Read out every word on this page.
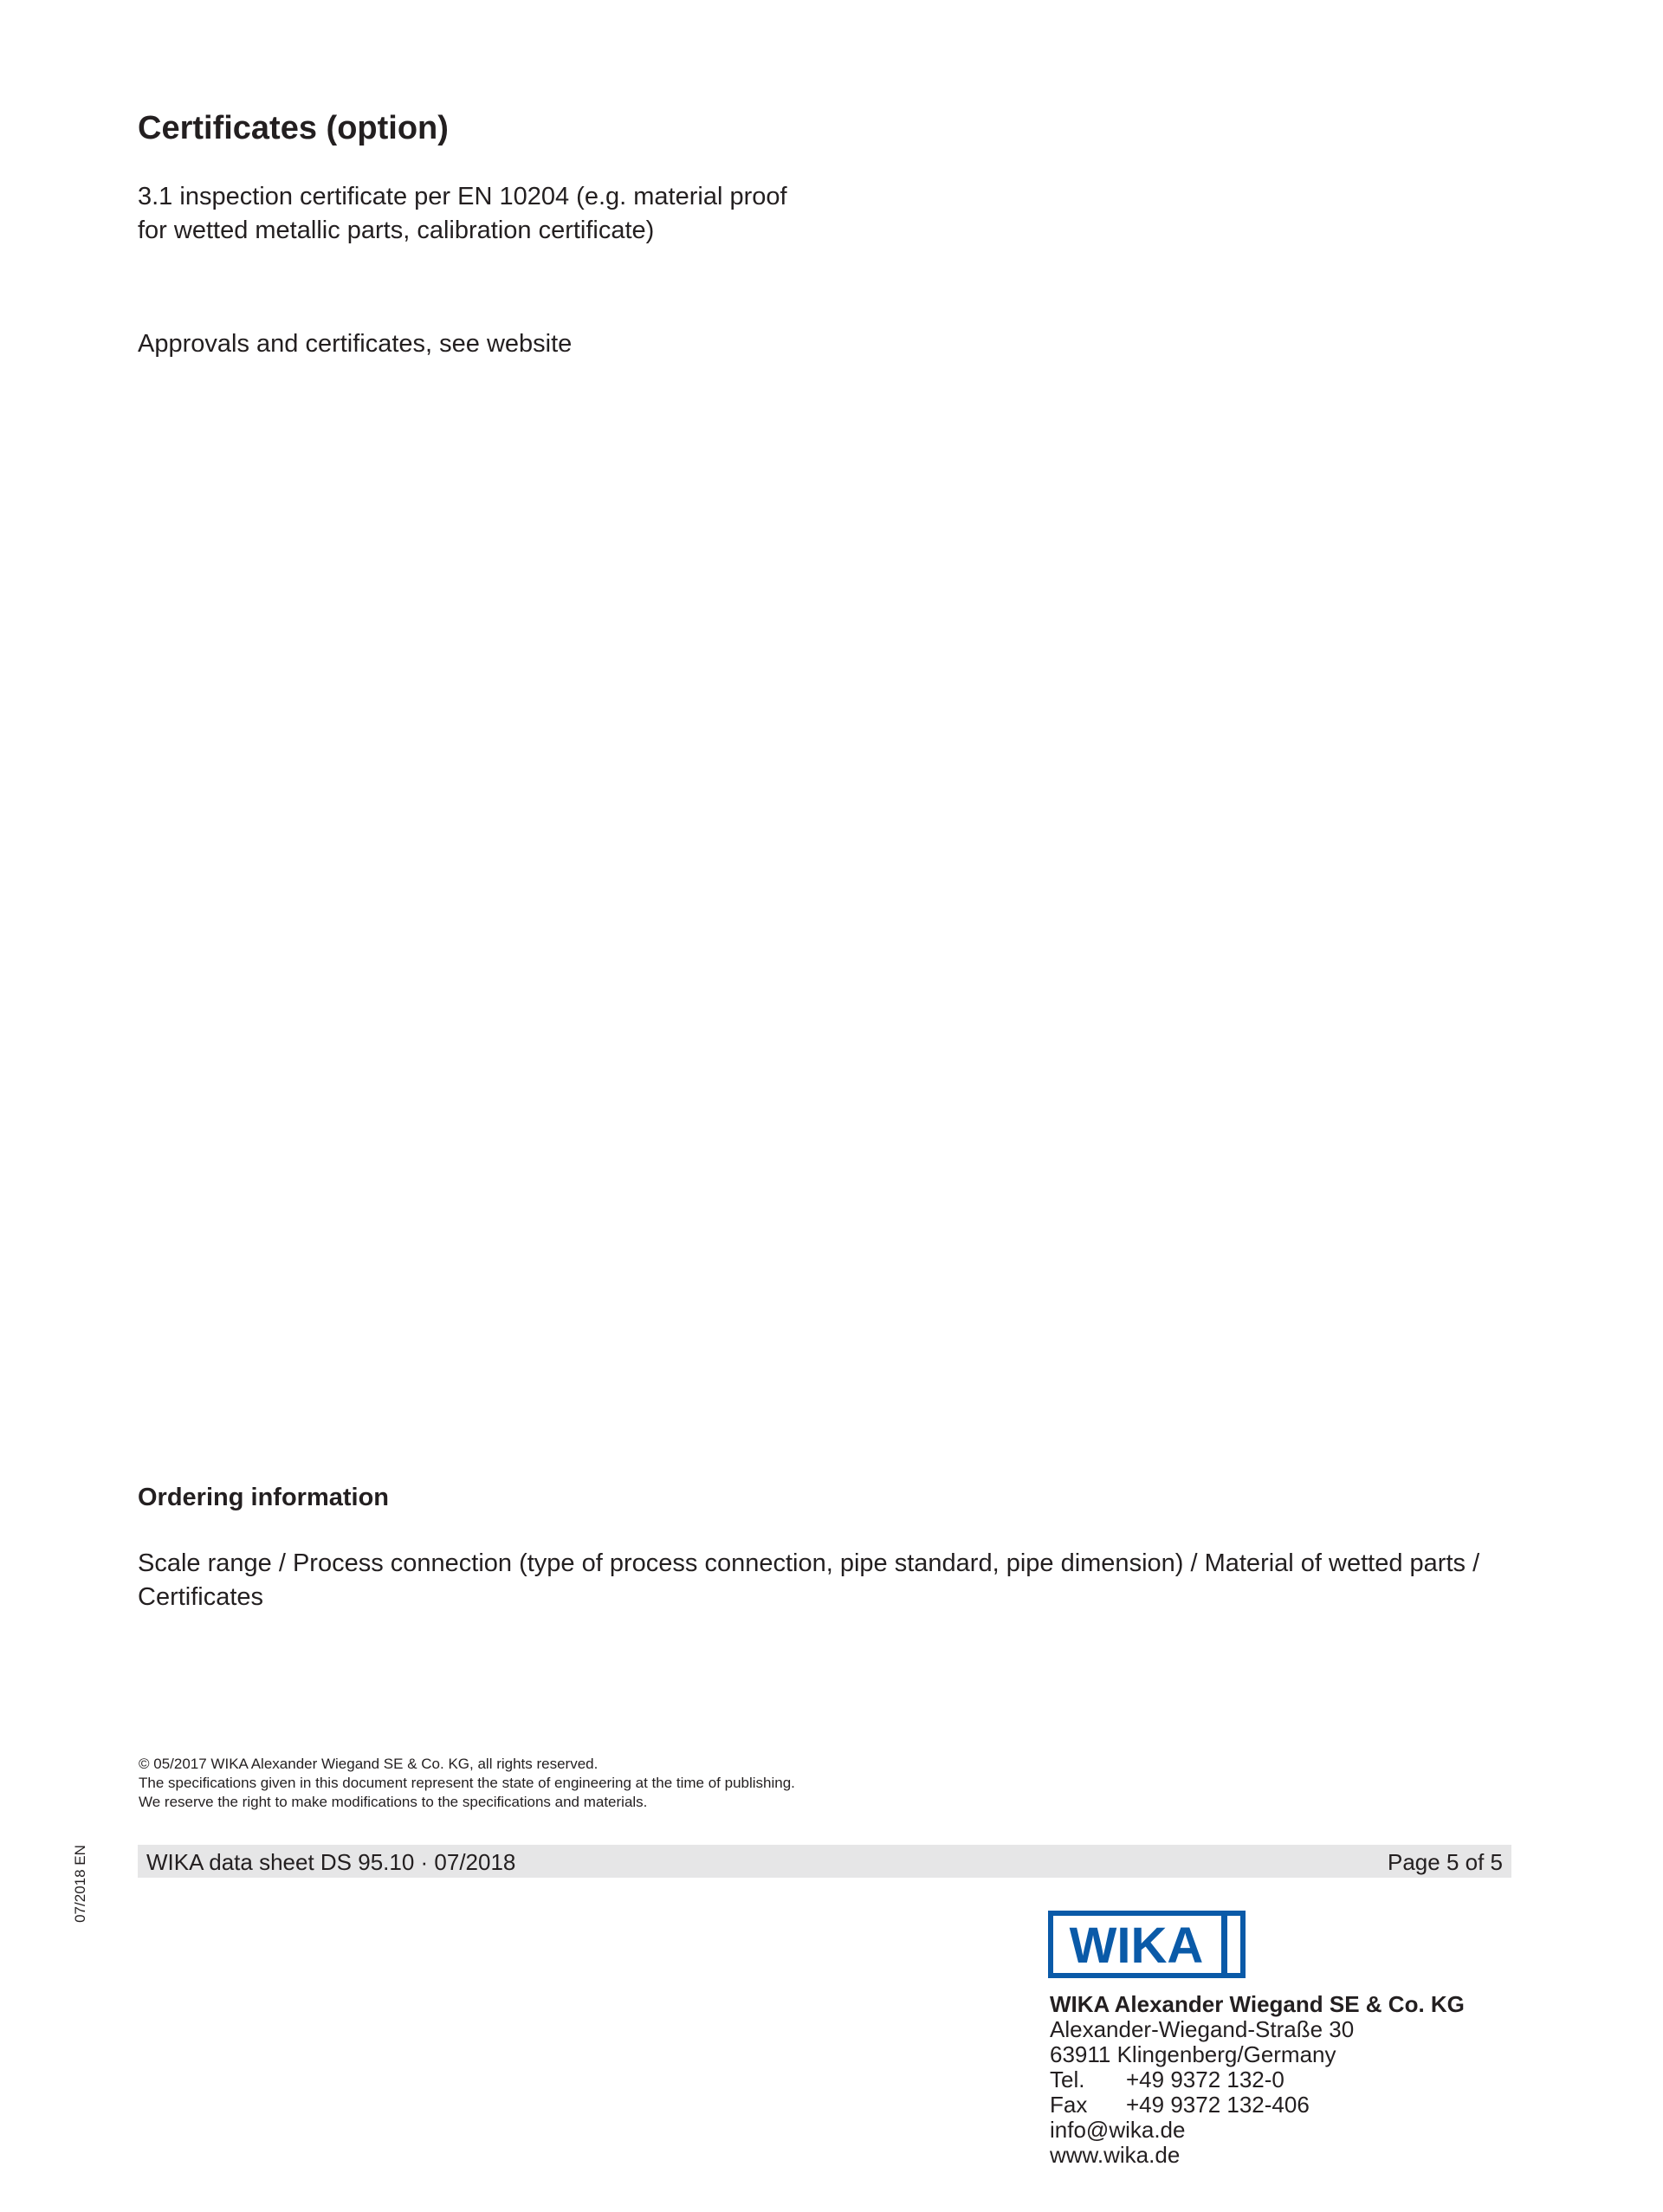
Certificates (option)
3.1 inspection certificate per EN 10204 (e.g. material proof
for wetted metallic parts, calibration certificate)
Approvals and certificates, see website
Ordering information
Scale range / Process connection (type of process connection, pipe standard, pipe dimension) / Material of wetted parts /
Certificates
© 05/2017 WIKA Alexander Wiegand SE & Co. KG, all rights reserved.
The specifications given in this document represent the state of engineering at the time of publishing.
We reserve the right to make modifications to the specifications and materials.
WIKA data sheet DS 95.10 · 07/2018	Page 5 of 5
07/2018 EN
WIKA
WIKA Alexander Wiegand SE & Co. KG
Alexander-Wiegand-Straße 30
63911 Klingenberg/Germany
Tel. +49 9372 132-0
Fax +49 9372 132-406
info@wika.de
www.wika.de
